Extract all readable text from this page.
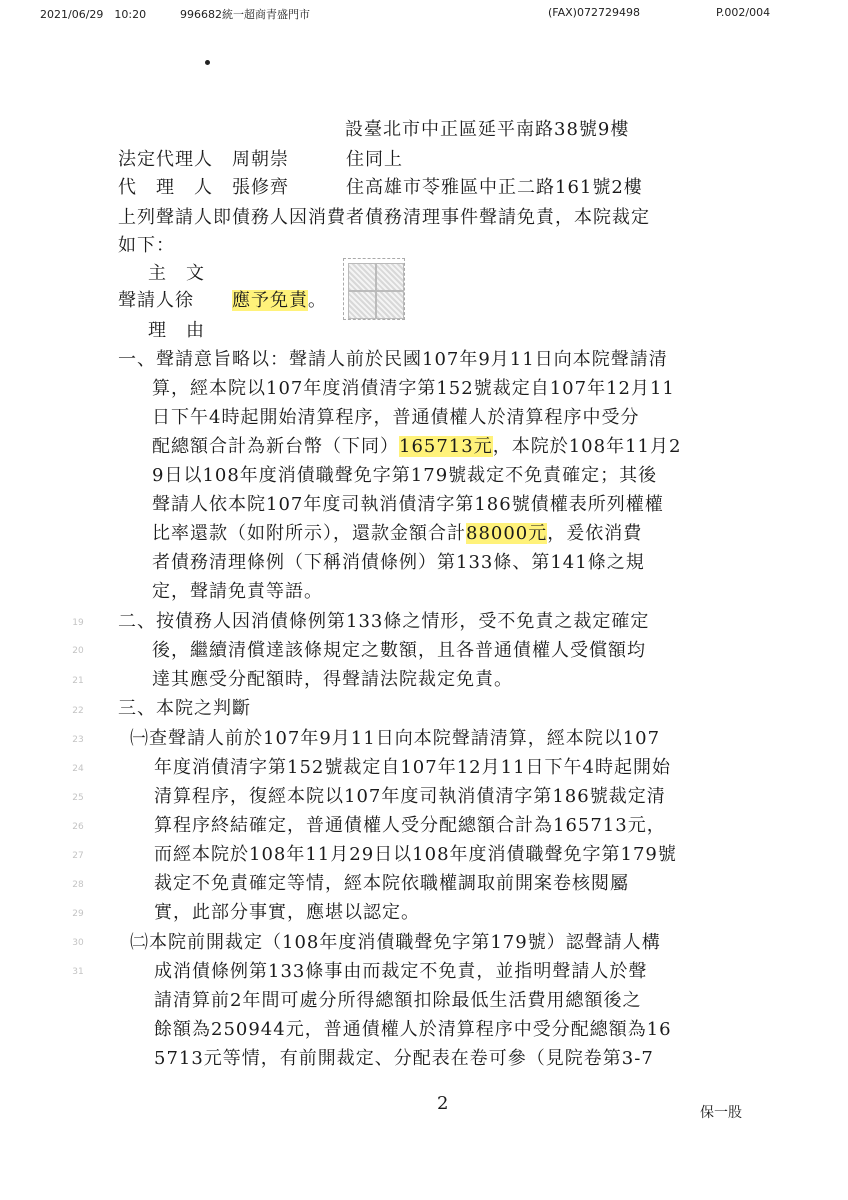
2021/06/29　10:20	996682統一超商青盛門市	(FAX)072729498	P.002/004
設臺北市中正區延平南路38號9樓
法定代理人　周朝崇　　　住同上
代　理　人　張修齊　　　住高雄市苓雅區中正二路161號2樓
上列聲請人即債務人因消費者債務清理事件聲請免責，本院裁定
如下：
主　文
聲請人徐 應予免責。
理　由
一、聲請意旨略以：聲請人前於民國107年9月11日向本院聲請清
算，經本院以107年度消債清字第152號裁定自107年12月11
日下午4時起開始清算程序，普通債權人於清算程序中受分
配總額合計為新台幣（下同）165713元，本院於108年11月2
9日以108年度消債職聲免字第179號裁定不免責確定；其後
聲請人依本院107年度司執消債清字第186號債權表所列權權
比率還款（如附所示），還款金額合計88000元，爰依消費
者債務清理條例（下稱消債條例）第133條、第141條之規
定，聲請免責等語。
二、按債務人因消債條例第133條之情形，受不免責之裁定確定
後，繼續清償達該條規定之數額，且各普通債權人受償額均
達其應受分配額時，得聲請法院裁定免責。
三、本院之判斷
㈠查聲請人前於107年9月11日向本院聲請清算，經本院以107
年度消債清字第152號裁定自107年12月11日下午4時起開始
清算程序，復經本院以107年度司執消債清字第186號裁定清
算程序終結確定，普通債權人受分配總額合計為165713元，
而經本院於108年11月29日以108年度消債職聲免字第179號
裁定不免責確定等情，經本院依職權調取前開案卷核閱屬
實，此部分事實，應堪以認定。
㈡本院前開裁定（108年度消債職聲免字第179號）認聲請人構
成消債條例第133條事由而裁定不免責，並指明聲請人於聲
請清算前2年間可處分所得總額扣除最低生活費用總額後之
餘額為250944元，普通債權人於清算程序中受分配總額為16
5713元等情，有前開裁定、分配表在卷可參（見院卷第3-7
19
20
21
22
23
24
25
26
27
28
29
30
31
2	保一股
